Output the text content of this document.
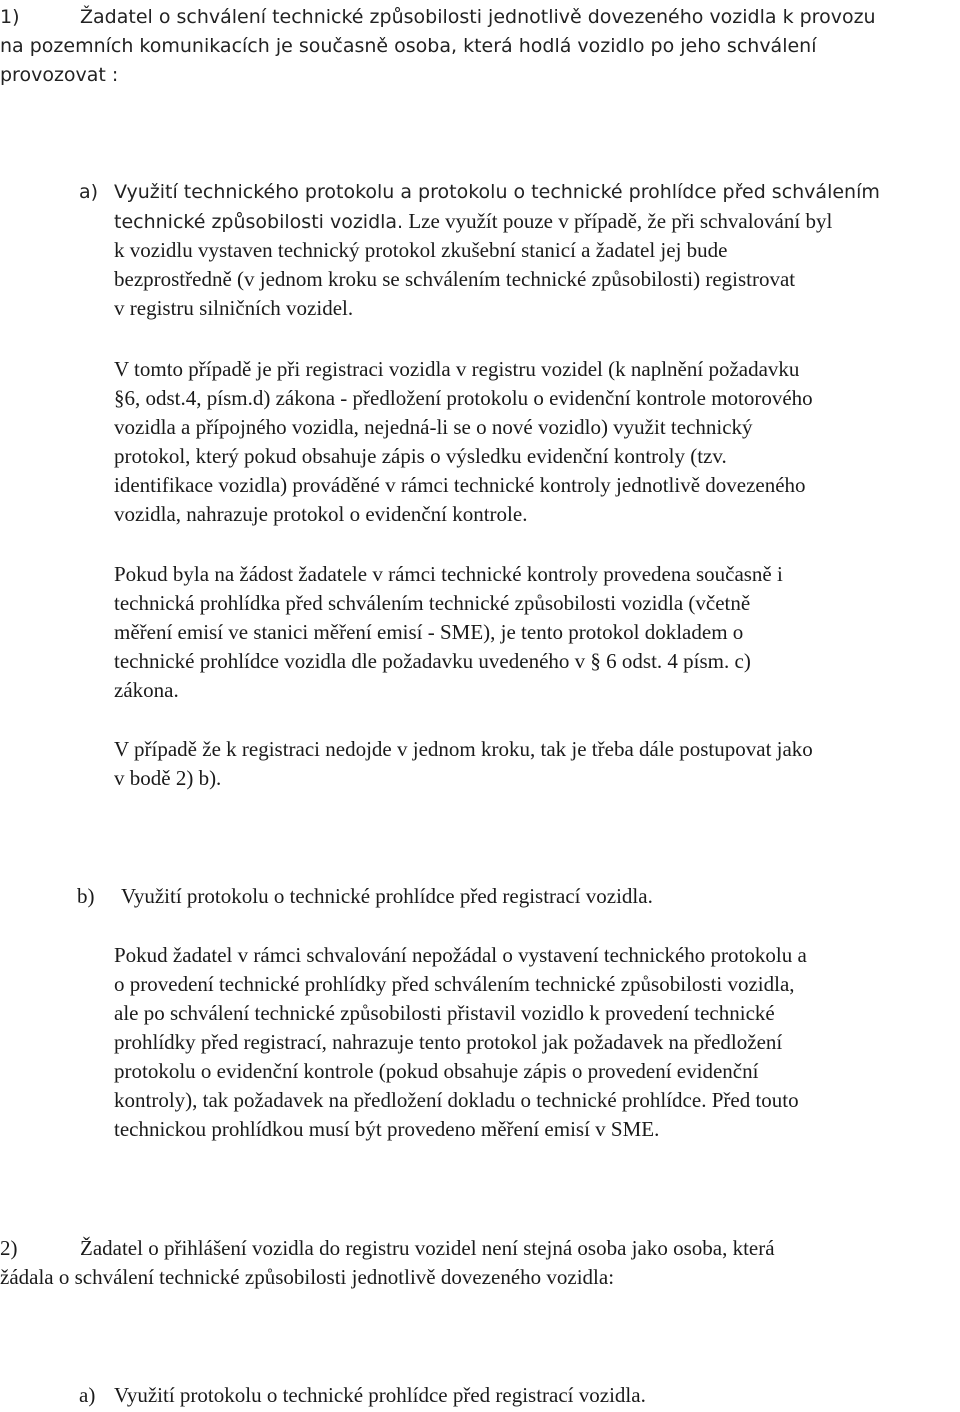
1)	Žadatel o schválení technické způsobilosti jednotlivě dovezeného vozidla k provozu
na pozemních komunikacích je současně osoba, která hodlá vozidlo po jeho schválení
provozovat :
a) Využití technického protokolu a protokolu o technické prohlídce před schválením
technické způsobilosti vozidla. Lze využít pouze v případě, že při schvalování byl
k vozidlu vystaven technický protokol zkušební stanicí a žadatel jej bude
bezprostředně (v jednom kroku se schválením technické způsobilosti) registrovat
v registru silničních vozidel.
V tomto případě je při registraci vozidla v registru vozidel (k naplnění požadavku
§6, odst.4, písm.d) zákona - předložení protokolu o evidenční kontrole motorového
vozidla a přípojného vozidla, nejedná-li se o nové vozidlo) využit technický
protokol, který pokud obsahuje zápis o výsledku evidenční kontroly (tzv.
identifikace vozidla) prováděné v rámci technické kontroly jednotlivě dovezeného
vozidla, nahrazuje protokol o evidenční kontrole.
Pokud byla na žádost žadatele v rámci technické kontroly provedena současně i
technická prohlídka před schválením technické způsobilosti vozidla (včetně
měření emisí ve stanici měření emisí - SME), je tento protokol dokladem o
technické prohlídce vozidla dle požadavku uvedeného v § 6 odst. 4 písm. c)
zákona.
V případě že k registraci nedojde v jednom kroku, tak je třeba dále postupovat jako
v bodě 2) b).
b) Využití protokolu o technické prohlídce před registrací vozidla.
Pokud žadatel v rámci schvalování nepožádal o vystavení technického protokolu a
o provedení technické prohlídky před schválením technické způsobilosti vozidla,
ale po schválení technické způsobilosti přistavil vozidlo k provedení technické
prohlídky před registrací, nahrazuje tento protokol jak požadavek na předložení
protokolu o evidenční kontrole (pokud obsahuje zápis o provedení evidenční
kontroly), tak požadavek na předložení dokladu o technické prohlídce. Před touto
technickou prohlídkou musí být provedeno měření emisí v SME.
2)	Žadatel o přihlášení vozidla do registru vozidel není stejná osoba jako osoba, která
žádala o schválení technické způsobilosti jednotlivě dovezeného vozidla:
a) Využití protokolu o technické prohlídce před registrací vozidla.
